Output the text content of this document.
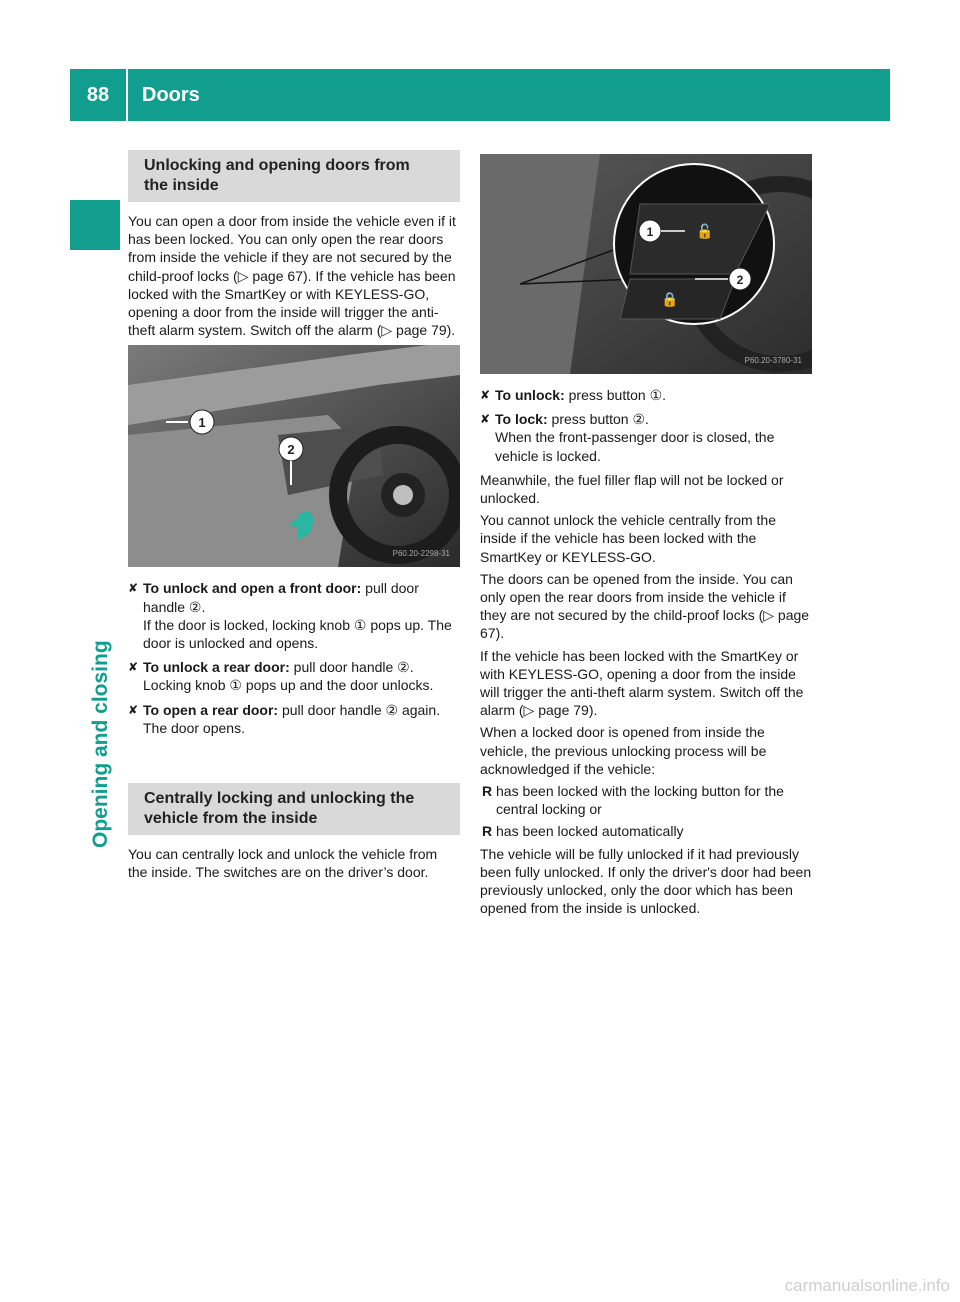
88	Doors
Opening and closing
Unlocking and opening doors from
the inside

You can open a door from inside the vehicle even if it has been locked. You can only open the rear doors from inside the vehicle if they are not secured by the child-proof locks (▷ page 67). If the vehicle has been locked with the SmartKey or with KEYLESS-GO, opening a door from the inside will trigger the anti-theft alarm system. Switch off the alarm (▷ page 79).

1
2
P60.20-2298-31
✘ To unlock and open a front door: pull door handle ②.
If the door is locked, locking knob ① pops up. The door is unlocked and opens.
✘ To unlock a rear door: pull door handle ②.
Locking knob ① pops up and the door unlocks.
✘ To open a rear door: pull door handle ② again.
The door opens.
Centrally locking and unlocking the
vehicle from the inside

You can centrally lock and unlock the vehicle from the inside. The switches are on the driver’s door.

1	🔓
🔒
2
P60.20-3780-31
✘ To unlock: press button ①.
✘ To lock: press button ②.
When the front-passenger door is closed, the vehicle is locked.

Meanwhile, the fuel filler flap will not be locked or unlocked.

You cannot unlock the vehicle centrally from the inside if the vehicle has been locked with the SmartKey or KEYLESS-GO.

The doors can be opened from the inside. You can only open the rear doors from inside the vehicle if they are not secured by the child-proof locks (▷ page 67).

If the vehicle has been locked with the SmartKey or with KEYLESS-GO, opening a door from the inside will trigger the anti-theft alarm system. Switch off the alarm (▷ page 79).

When a locked door is opened from inside the vehicle, the previous unlocking process will be acknowledged if the vehicle:

R has been locked with the locking button for the central locking or
R has been locked automatically

The vehicle will be fully unlocked if it had previously been fully unlocked. If only the driver's door had been previously unlocked, only the door which has been opened from the inside is unlocked.

carmanualsonline.info
